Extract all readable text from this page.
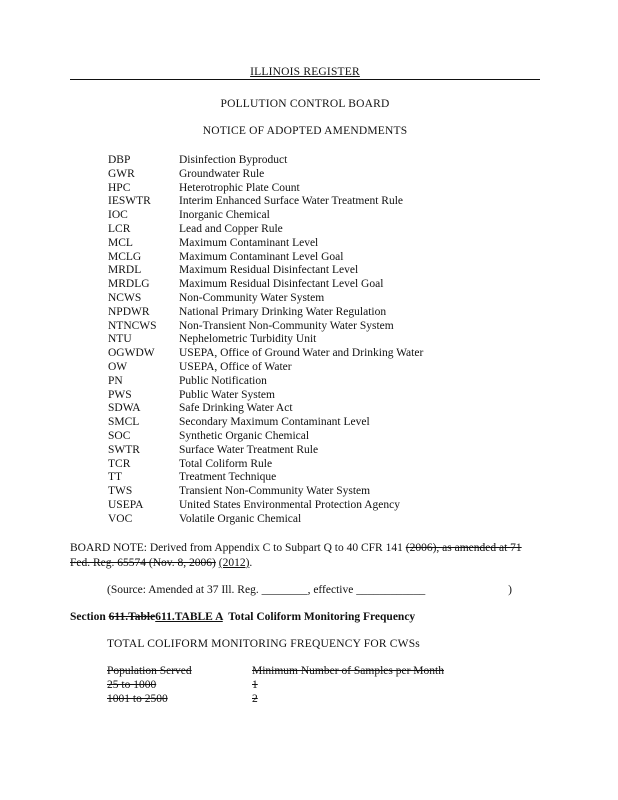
ILLINOIS REGISTER
POLLUTION CONTROL BOARD
NOTICE OF ADOPTED AMENDMENTS
DBP	Disinfection Byproduct
GWR	Groundwater Rule
HPC	Heterotrophic Plate Count
IESWTR Interim Enhanced Surface Water Treatment Rule
IOC	Inorganic Chemical
LCR	Lead and Copper Rule
MCL	Maximum Contaminant Level
MCLG	Maximum Contaminant Level Goal
MRDL	Maximum Residual Disinfectant Level
MRDLG	Maximum Residual Disinfectant Level Goal
NCWS	Non-Community Water System
NPDWR	National Primary Drinking Water Regulation
NTNCWS Non-Transient Non-Community Water System
NTU	Nephelometric Turbidity Unit
OGWDW USEPA, Office of Ground Water and Drinking Water
OW	USEPA, Office of Water
PN	Public Notification
PWS	Public Water System
SDWA	Safe Drinking Water Act
SMCL	Secondary Maximum Contaminant Level
SOC	Synthetic Organic Chemical
SWTR	Surface Water Treatment Rule
TCR	Total Coliform Rule
TT	Treatment Technique
TWS	Transient Non-Community Water System
USEPA	United States Environmental Protection Agency
VOC	Volatile Organic Chemical
BOARD NOTE: Derived from Appendix C to Subpart Q to 40 CFR 141 (2006), as amended at 71 Fed. Reg. 65574 (Nov. 8, 2006) (2012).
(Source: Amended at 37 Ill. Reg. ________, effective ____________	)
Section 611.Table611.TABLE A  Total Coliform Monitoring Frequency
TOTAL COLIFORM MONITORING FREQUENCY FOR CWSs
Population Served	Minimum Number of Samples per Month
25 to 1000	1
1001 to 2500	2
